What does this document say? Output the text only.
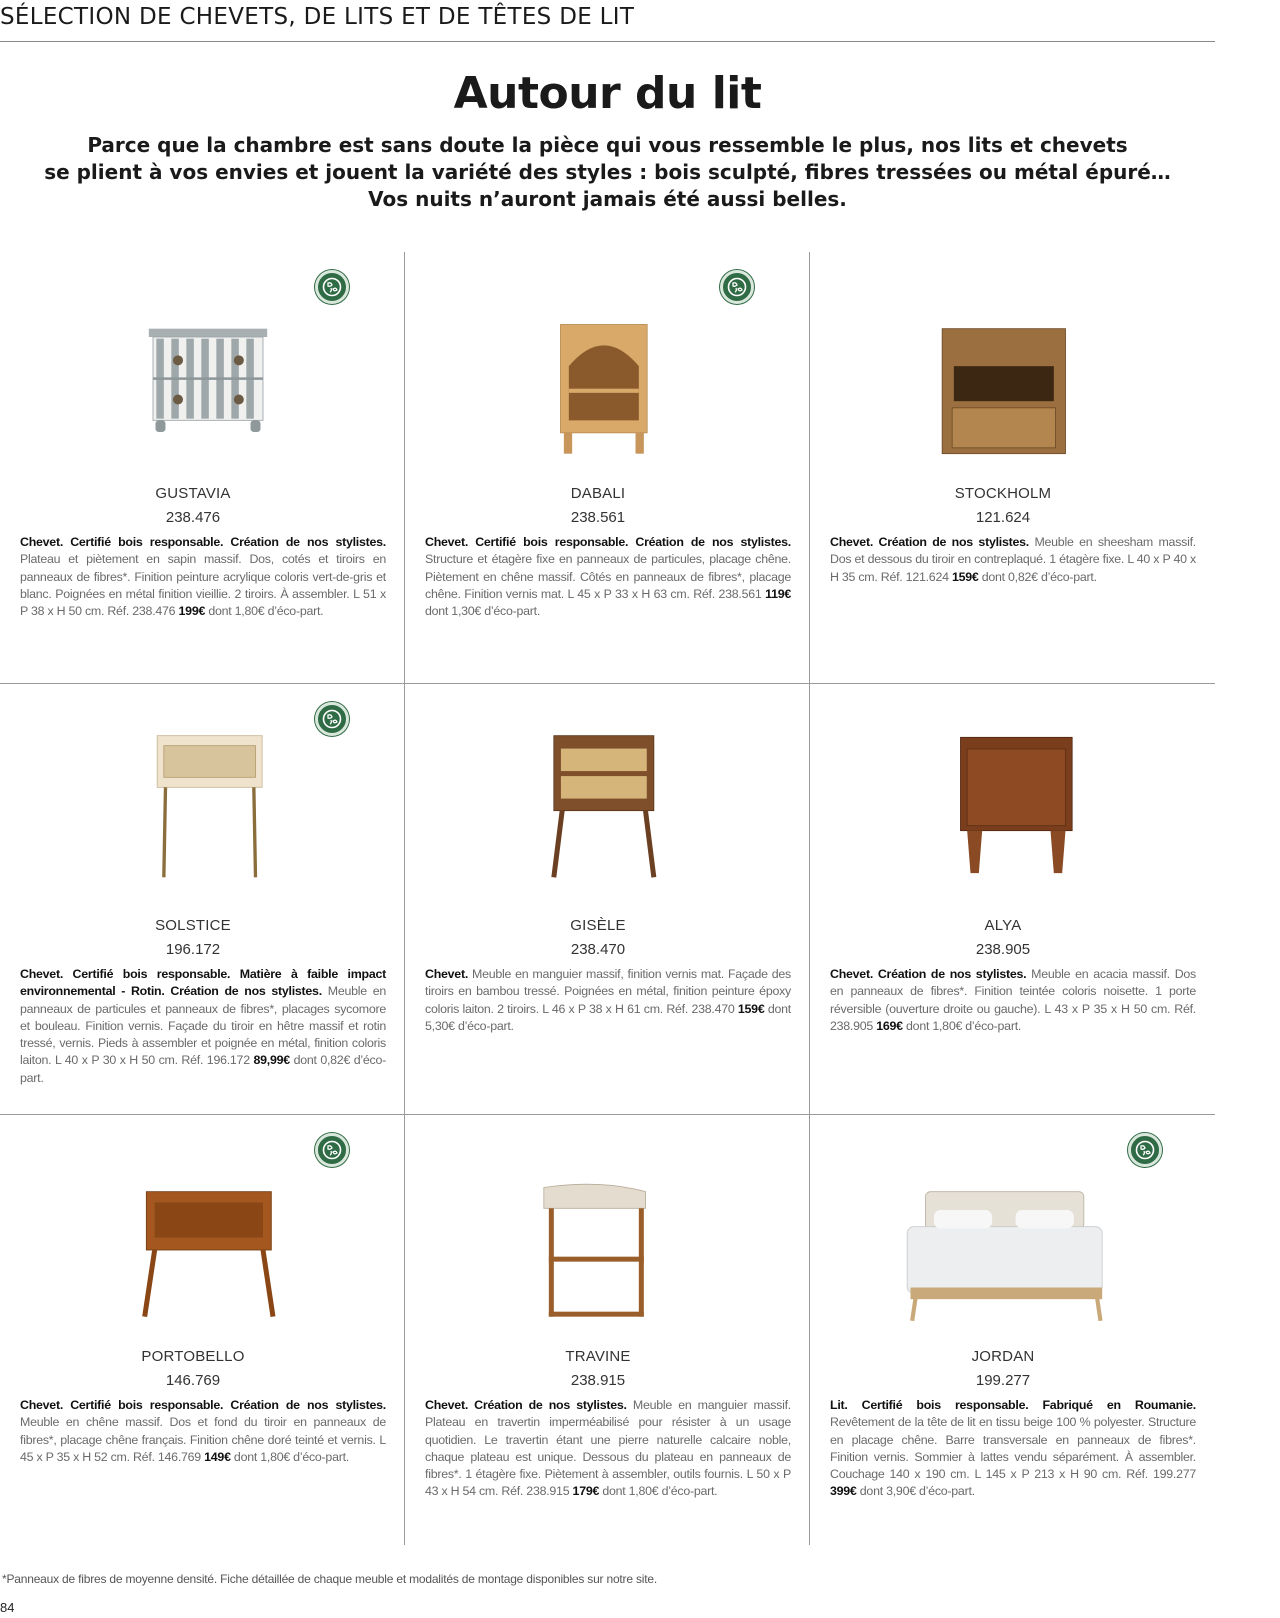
SÉLECTION DE CHEVETS, DE LITS ET DE TÊTES DE LIT
Autour du lit

Parce que la chambre est sans doute la pièce qui vous ressemble le plus, nos lits et chevets
se plient à vos envies et jouent la variété des styles : bois sculpté, fibres tressées ou métal épuré…
Vos nuits n’auront jamais été aussi belles.

GUSTAVIA
238.476
Chevet. Certifié bois responsable. Création de nos stylistes. Plateau et piètement en sapin massif. Dos, cotés et tiroirs en panneaux de fibres*. Finition peinture acrylique coloris vert-de-gris et blanc. Poignées en métal finition vieillie. 2 tiroirs. À assembler. L 51 x P 38 x H 50 cm. Réf. 238.476 199€ dont 1,80€ d’éco-part.
DABALI
238.561
Chevet. Certifié bois responsable. Création de nos stylistes. Structure et étagère fixe en panneaux de particules, placage chêne. Piètement en chêne massif. Côtés en panneaux de fibres*, placage chêne. Finition vernis mat. L 45 x P 33 x H 63 cm. Réf. 238.561 119€ dont 1,30€ d’éco-part.
STOCKHOLM
121.624
Chevet. Création de nos stylistes. Meuble en sheesham massif. Dos et dessous du tiroir en contreplaqué. 1 étagère fixe. L 40 x P 40 x H 35 cm. Réf. 121.624 159€ dont 0,82€ d’éco-part.
SOLSTICE
196.172
Chevet. Certifié bois responsable. Matière à faible impact environnemental - Rotin. Création de nos stylistes. Meuble en panneaux de particules et panneaux de fibres*, placages sycomore et bouleau. Finition vernis. Façade du tiroir en hêtre massif et rotin tressé, vernis. Pieds à assembler et poignée en métal, finition coloris laiton. L 40 x P 30 x H 50 cm. Réf. 196.172 89,99€ dont 0,82€ d’éco-part.
GISÈLE
238.470
Chevet. Meuble en manguier massif, finition vernis mat. Façade des tiroirs en bambou tressé. Poignées en métal, finition peinture époxy coloris laiton. 2 tiroirs. L 46 x P 38 x H 61 cm. Réf. 238.470 159€ dont 5,30€ d’éco-part.
ALYA
238.905
Chevet. Création de nos stylistes. Meuble en acacia massif. Dos en panneaux de fibres*. Finition teintée coloris noisette. 1 porte réversible (ouverture droite ou gauche). L 43 x P 35 x H 50 cm. Réf. 238.905 169€ dont 1,80€ d’éco-part.
PORTOBELLO
146.769
Chevet. Certifié bois responsable. Création de nos stylistes. Meuble en chêne massif. Dos et fond du tiroir en panneaux de fibres*, placage chêne français. Finition chêne doré teinté et vernis. L 45 x P 35 x H 52 cm. Réf. 146.769 149€ dont 1,80€ d’éco-part.
TRAVINE
238.915
Chevet. Création de nos stylistes. Meuble en manguier massif. Plateau en travertin imperméabilisé pour résister à un usage quotidien. Le travertin étant une pierre naturelle calcaire noble, chaque plateau est unique. Dessous du plateau en panneaux de fibres*. 1 étagère fixe. Piètement à assembler, outils fournis. L 50 x P 43 x H 54 cm. Réf. 238.915 179€ dont 1,80€ d’éco-part.
JORDAN
199.277
Lit. Certifié bois responsable. Fabriqué en Roumanie. Revêtement de la tête de lit en tissu beige 100 % polyester. Structure en placage chêne. Barre transversale en panneaux de fibres*. Finition vernis. Sommier à lattes vendu séparément. À assembler. Couchage 140 x 190 cm. L 145 x P 213 x H 90 cm. Réf. 199.277 399€ dont 3,90€ d’éco-part.
*Panneaux de fibres de moyenne densité. Fiche détaillée de chaque meuble et modalités de montage disponibles sur notre site.
84
